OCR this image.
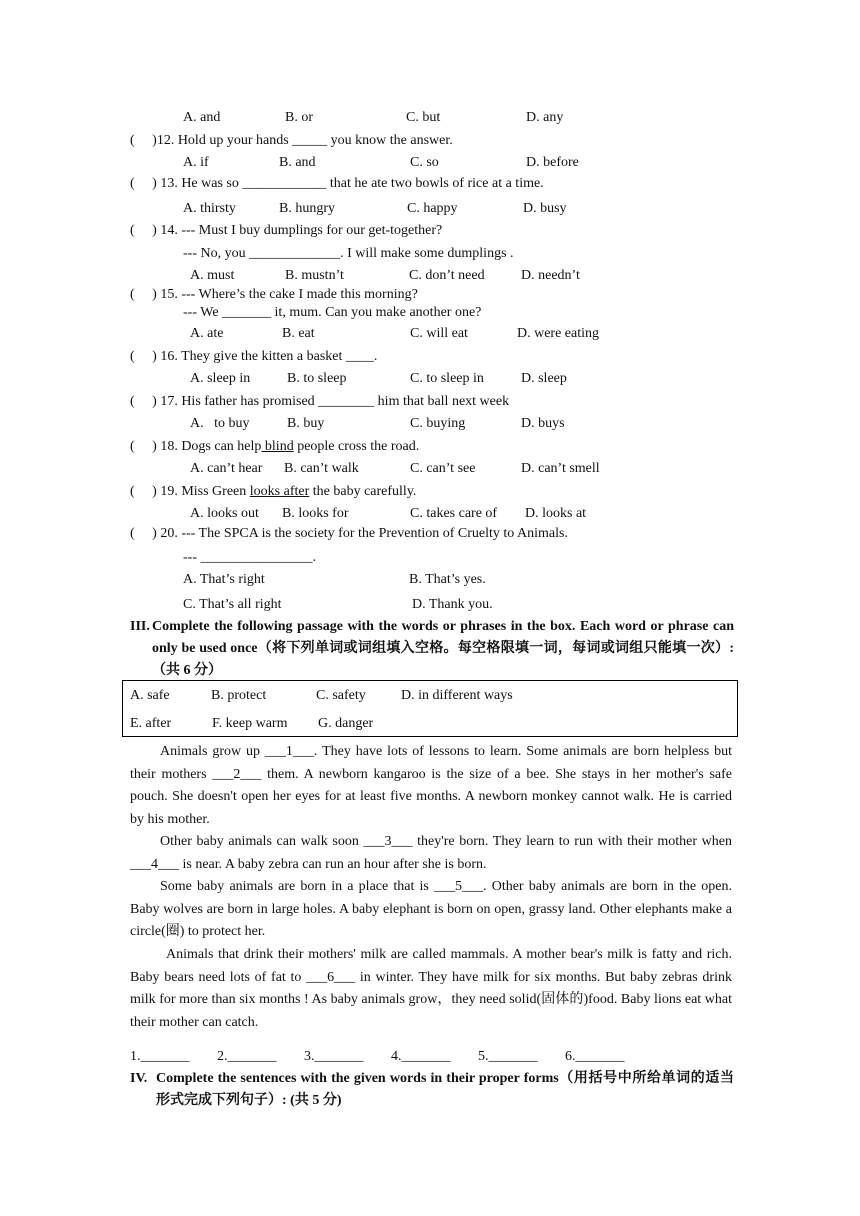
A. and	B. or	C. but	D. any
(     )12. Hold up your hands _____ you know the answer.
A. if	B. and	C. so	D. before
(     ) 13. He was so ____________ that he ate two bowls of rice at a time.
A. thirsty	B. hungry	C. happy	D. busy
(     ) 14. --- Must I buy dumplings for our get-together?
--- No, you _____________. I will make some dumplings .
A. must	B. mustn’t	C. don’t need	D. needn’t
(     ) 15. --- Where’s the cake I made this morning?
--- We _______ it, mum. Can you make another one?
A. ate	B. eat	C. will eat	D. were eating
(     ) 16. They give the kitten a basket ____.
A. sleep in	B. to sleep	C. to sleep in	D. sleep
(     ) 17. His father has promised ________ him that ball next week
A.   to buy	B. buy	C. buying	D. buys
(     ) 18. Dogs can help blind people cross the road.
A. can’t hear B. can’t walk	C. can’t see	D. can’t smell
(     ) 19. Miss Green looks after the baby carefully.
A. looks out B. looks for	C. takes care of D. looks at
(     ) 20. --- The SPCA is the society for the Prevention of Cruelty to Animals.
--- ________________.
A. That’s right	B. That’s yes.
C. That’s all right	D. Thank you.
III. Complete the following passage with the words or phrases in the box. Each word or phrase can only be used once（将下列单词或词组填入空格。每空格限填一词，每词或词组只能填一次）:（共 6 分）
A. safe	B. protect	C. safety	D. in different ways
E. after	F. keep warm G. danger
Animals grow up ___1___. They have lots of lessons to learn. Some animals are born helpless but their mothers ___2___ them. A newborn kangaroo is the size of a bee. She stays in her mother's safe pouch. She doesn't open her eyes for at least five months. A newborn monkey cannot walk. He is carried by his mother.
Other baby animals can walk soon ___3___ they're born. They learn to run with their mother when ___4___ is near. A baby zebra can run an hour after she is born.
Some baby animals are born in a place that is ___5___. Other baby animals are born in the open. Baby wolves are born in large holes. A baby elephant is born on open, grassy land. Other elephants make a circle(圈) to protect her.
Animals that drink their mothers' milk are called mammals. A mother bear's milk is fatty and rich. Baby bears need lots of fat to ___6___ in winter. They have milk for six months. But baby zebras drink milk for more than six months ! As baby animals grow，they need solid(固体的)food. Baby lions eat what their mother can catch.
1._______ 2._______ 3._______ 4._______ 5._______ 6._______
IV. Complete the sentences with the given words in their proper forms（用括号中所给单词的适当形式完成下列句子）: (共 5 分)
